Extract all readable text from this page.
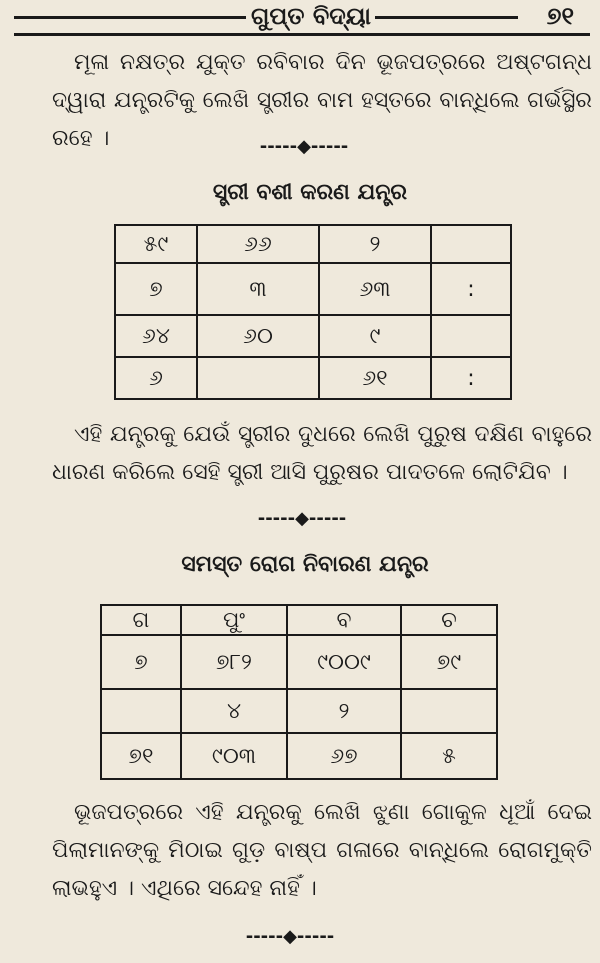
ଗୁପ୍ତ ବିଦ୍ୟା	୭୧
ମୂଳା ନକ୍ଷତ୍ର ଯୁକ୍ତ ରବିବାର ଦିନ ଭୂଜପତ୍ରରେ ଅଷ୍ଟଗନ୍ଧ ଦ୍ୱାରା ଯନ୍ତ୍ରଟିକୁ ଲେଖି ସ୍ତ୍ରୀର ବାମ ହସ୍ତରେ ବାନ୍ଧିଲେ ଗର୍ଭସ୍ଥିର ରହେ ।	-----◆-----
ସ୍ତ୍ରୀ ବଶୀ କରଣ ଯନ୍ତ୍ର
୫୯	୬୬	୨	
୭	୩	୬୩	:
୬୪	୬୦	୯	
୬		୬୧	:
ଏହି ଯନ୍ତ୍ରକୁ ଯେଉଁ ସ୍ତ୍ରୀର ଦୁଧରେ ଲେଖି ପୁରୁଷ ଦକ୍ଷିଣ ବାହୁରେ ଧାରଣ କରିଲେ ସେହି ସ୍ତ୍ରୀ ଆସି ପୁରୁଷର ପାଦତଳେ ଲୋଟିଯିବ ।
-----◆-----
ସମସ୍ତ ରୋଗ ନିବାରଣ ଯନ୍ତ୍ର
ଗ	ପୁଂ	ବ	ଚ
୭	୭୮୨	୯୦୦୯	୭୯
	୪	୨	
୭୧	୯୦୩	୬୭	୫
ଭୂଜପତ୍ରରେ ଏହି ଯନ୍ତ୍ରକୁ ଲେଖି ଝୁଣା ଗୋକୁଳ ଧୂଆଁ ଦେଇ ପିଲାମାନଙ୍କୁ ମିଠାଇ ଗୁଡ଼ ବାଷ୍ପ ଗଳାରେ ବାନ୍ଧିଲେ ରୋଗମୁକ୍ତି ଲାଭହୁଏ । ଏଥିରେ ସନ୍ଦେହ ନାହିଁ ।
-----◆-----
